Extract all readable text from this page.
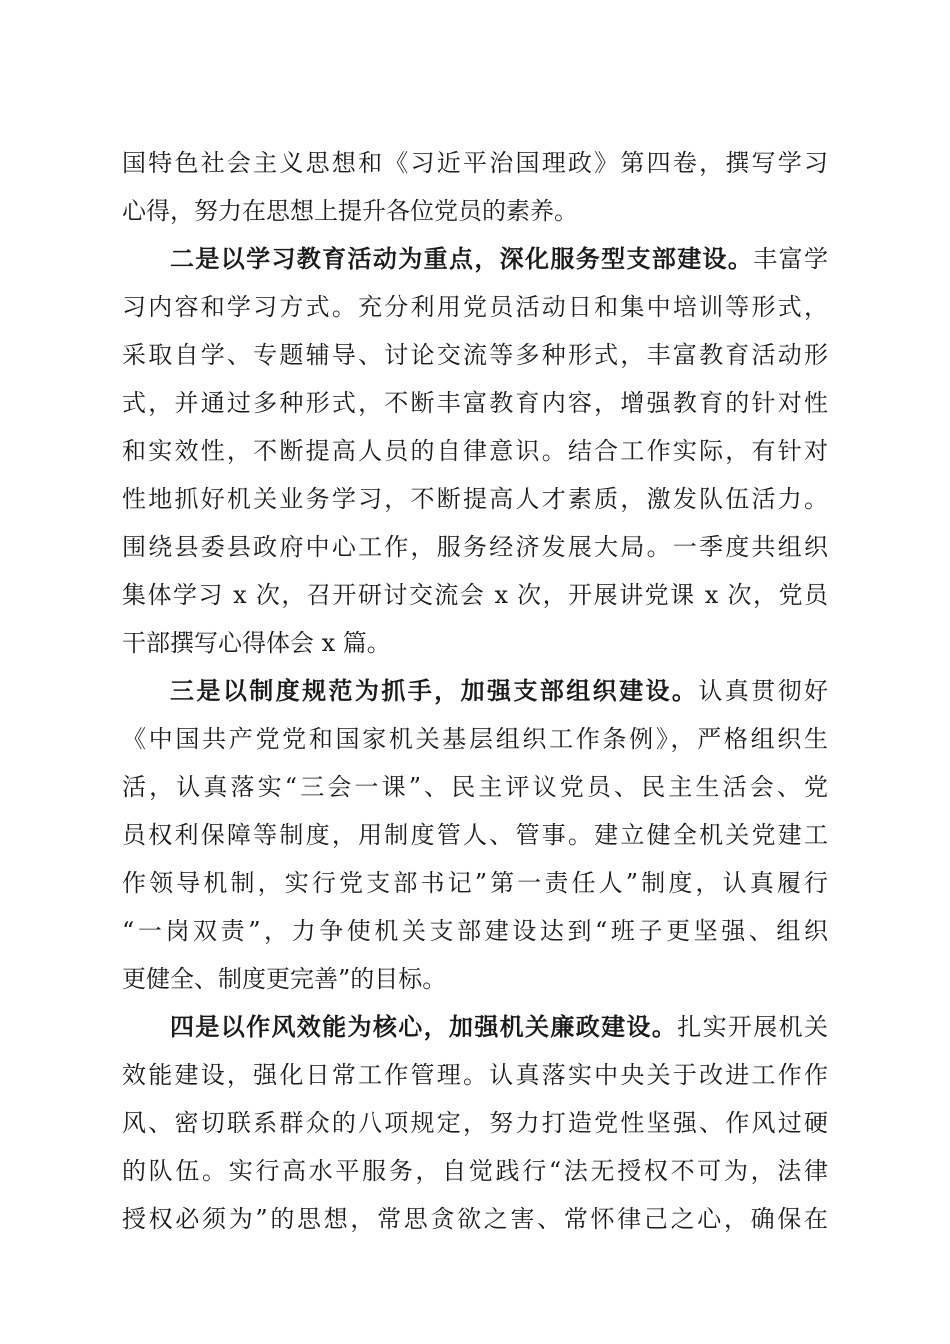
国特色社会主义思想和《习近平治国理政》第四卷，撰写学习
心得，努力在思想上提升各位党员的素养。
二是以学习教育活动为重点，深化服务型支部建设。丰富学
习内容和学习方式。充分利用党员活动日和集中培训等形式，
采取自学、专题辅导、讨论交流等多种形式，丰富教育活动形
式，并通过多种形式，不断丰富教育内容，增强教育的针对性
和实效性，不断提高人员的自律意识。结合工作实际，有针对
性地抓好机关业务学习，不断提高人才素质，激发队伍活力。
围绕县委县政府中心工作，服务经济发展大局。一季度共组织
集体学习 x 次，召开研讨交流会 x 次，开展讲党课 x 次，党员
干部撰写心得体会 x 篇。
三是以制度规范为抓手，加强支部组织建设。认真贯彻好
《中国共产党党和国家机关基层组织工作条例》，严格组织生
活，认真落实“三会一课”、民主评议党员、民主生活会、党
员权利保障等制度，用制度管人、管事。建立健全机关党建工
作领导机制，实行党支部书记”第一责任人”制度，认真履行
“一岗双责”，力争使机关支部建设达到“班子更坚强、组织
更健全、制度更完善”的目标。
四是以作风效能为核心，加强机关廉政建设。扎实开展机关
效能建设，强化日常工作管理。认真落实中央关于改进工作作
风、密切联系群众的八项规定，努力打造党性坚强、作风过硬
的队伍。实行高水平服务，自觉践行“法无授权不可为，法律
授权必须为”的思想，常思贪欲之害、常怀律己之心，确保在
